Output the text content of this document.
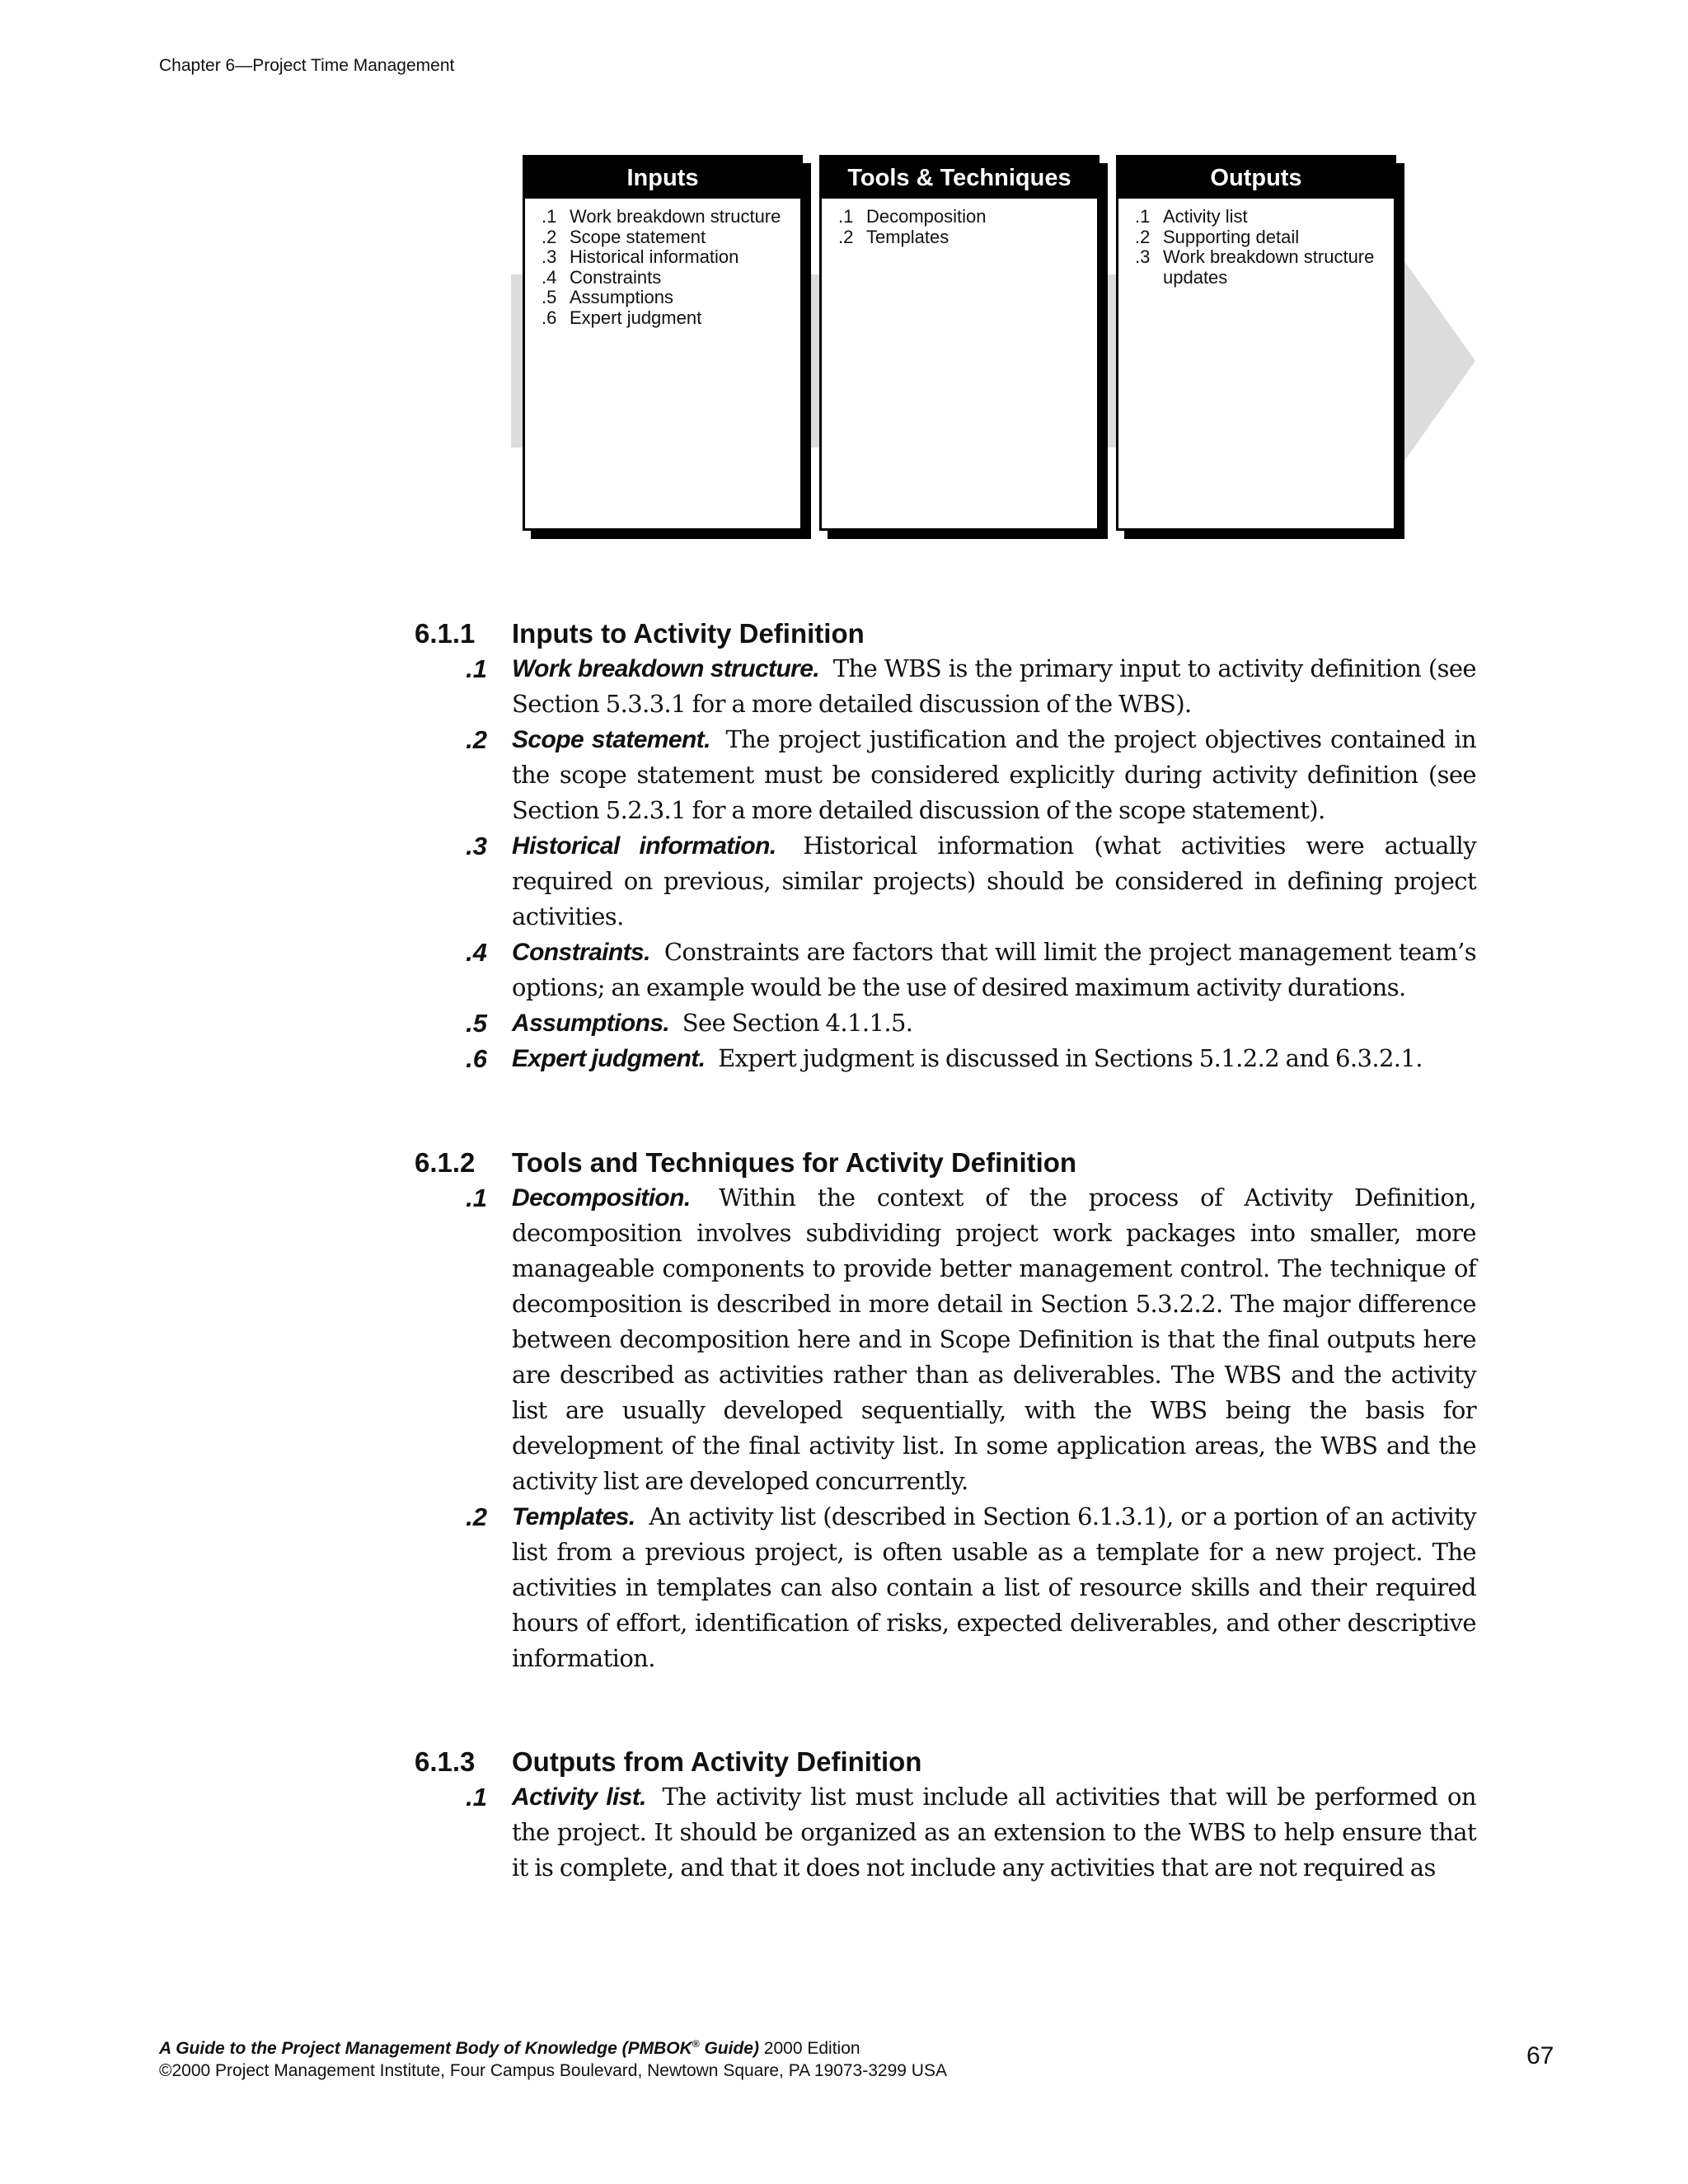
Chapter 6—Project Time Management
Inputs
.1 Work breakdown structure
.2 Scope statement
.3 Historical information
.4 Constraints
.5 Assumptions
.6 Expert judgment
Tools & Techniques
.1 Decomposition
.2 Templates
Outputs
.1 Activity list
.2 Supporting detail
.3 Work breakdown structure updates
6.1.1	Inputs to Activity Definition
.1	Work breakdown structure. The WBS is the primary input to activity definition (see Section 5.3.3.1 for a more detailed discussion of the WBS).
.2	Scope statement. The project justification and the project objectives contained in the scope statement must be considered explicitly during activity definition (see Section 5.2.3.1 for a more detailed discussion of the scope statement).
.3	Historical information. Historical information (what activities were actually required on previous, similar projects) should be considered in defining project activities.
.4	Constraints. Constraints are factors that will limit the project management team’s options; an example would be the use of desired maximum activity durations.
.5	Assumptions. See Section 4.1.1.5.
.6	Expert judgment. Expert judgment is discussed in Sections 5.1.2.2 and 6.3.2.1.
6.1.2	Tools and Techniques for Activity Definition
.1	Decomposition. Within the context of the process of Activity Definition, decomposition involves subdividing project work packages into smaller, more manageable components to provide better management control. The technique of decomposition is described in more detail in Section 5.3.2.2. The major difference between decomposition here and in Scope Definition is that the final outputs here are described as activities rather than as deliverables. The WBS and the activity list are usually developed sequentially, with the WBS being the basis for development of the final activity list. In some application areas, the WBS and the activity list are developed concurrently.
.2	Templates. An activity list (described in Section 6.1.3.1), or a portion of an activity list from a previous project, is often usable as a template for a new project. The activities in templates can also contain a list of resource skills and their required hours of effort, identification of risks, expected deliverables, and other descriptive information.
6.1.3	Outputs from Activity Definition
.1	Activity list. The activity list must include all activities that will be performed on the project. It should be organized as an extension to the WBS to help ensure that it is complete, and that it does not include any activities that are not required as
A Guide to the Project Management Body of Knowledge (PMBOK® Guide) 2000 Edition
©2000 Project Management Institute, Four Campus Boulevard, Newtown Square, PA 19073-3299 USA
67
